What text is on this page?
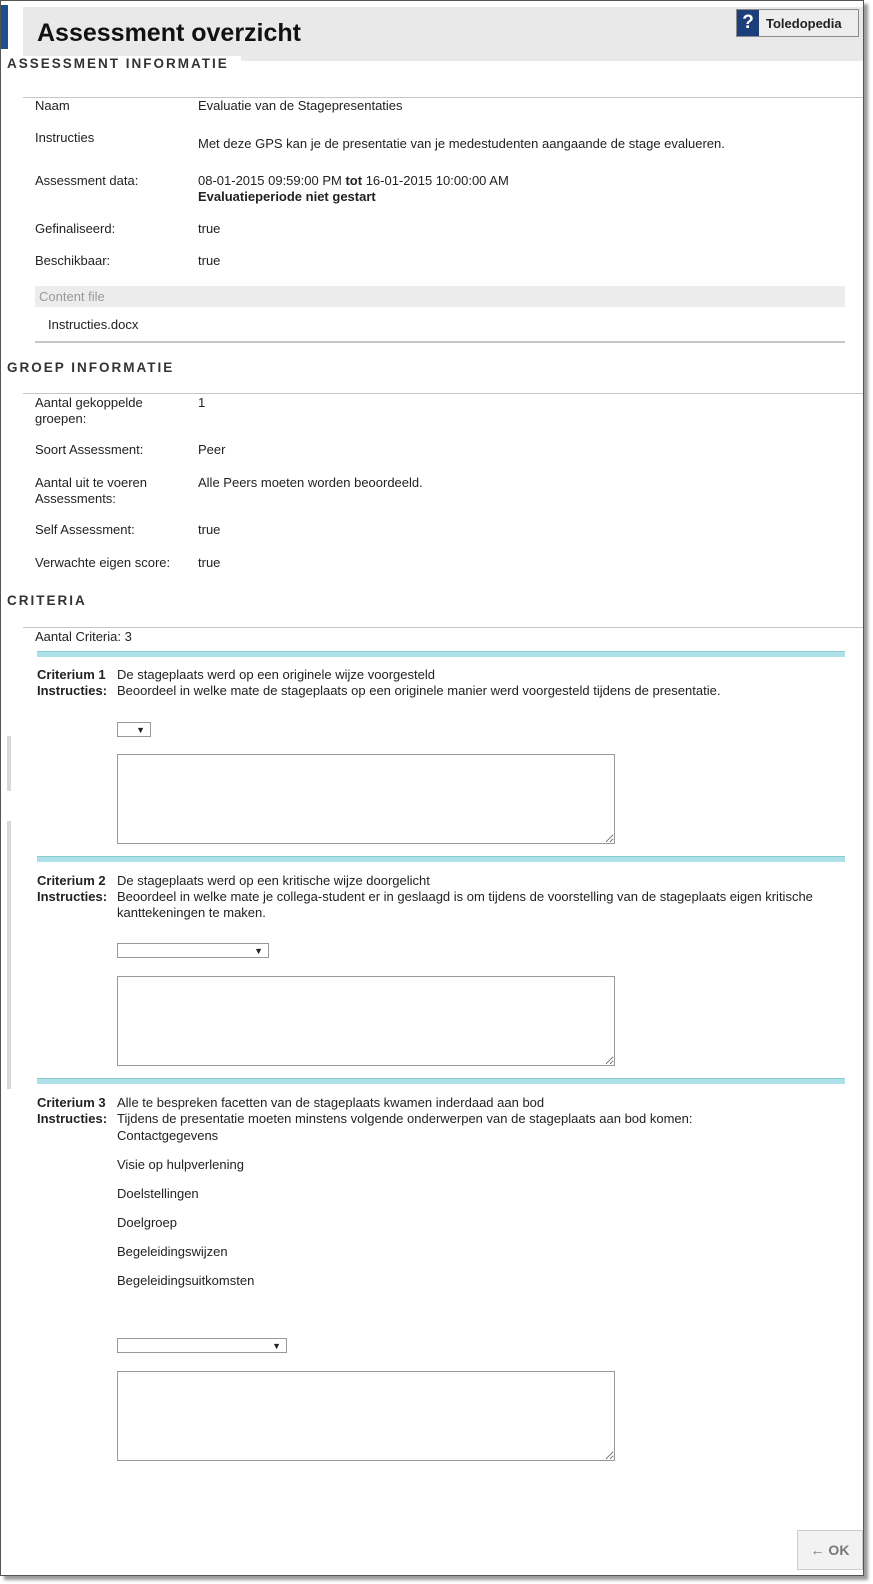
Assessment overzicht	? Toledopedia
ASSESSMENT INFORMATIE
Naam	Evaluatie van de Stagepresentaties
Instructies	Met deze GPS kan je de presentatie van je medestudenten aangaande de stage evalueren.
Assessment data:	08-01-2015 09:59:00 PM tot 16-01-2015 10:00:00 AM
Evaluatieperiode niet gestart
Gefinaliseerd:	true
Beschikbaar:	true
Content file
Instructies.docx
GROEP INFORMATIE
Aantal gekoppelde groepen:
1
Soort Assessment:	Peer
Aantal uit te voeren Assessments:
Alle Peers moeten worden beoordeeld.
Self Assessment:	true
Verwachte eigen score:	true
CRITERIA
Aantal Criteria: 3
Criterium 1 De stageplaats werd op een originele wijze voorgesteld
Instructies: Beoordeel in welke mate de stageplaats op een originele manier werd voorgesteld tijdens de presentatie.
▼
Criterium 2 De stageplaats werd op een kritische wijze doorgelicht
Instructies: Beoordeel in welke mate je collega-student er in geslaagd is om tijdens de voorstelling van de stageplaats eigen kritische kanttekeningen te maken.
▼
Criterium 3 Alle te bespreken facetten van de stageplaats kwamen inderdaad aan bod
Instructies: Tijdens de presentatie moeten minstens volgende onderwerpen van de stageplaats aan bod komen:
Contactgegevens
Visie op hulpverlening
Doelstellingen
Doelgroep
Begeleidingswijzen
Begeleidingsuitkomsten
▼
← OK
